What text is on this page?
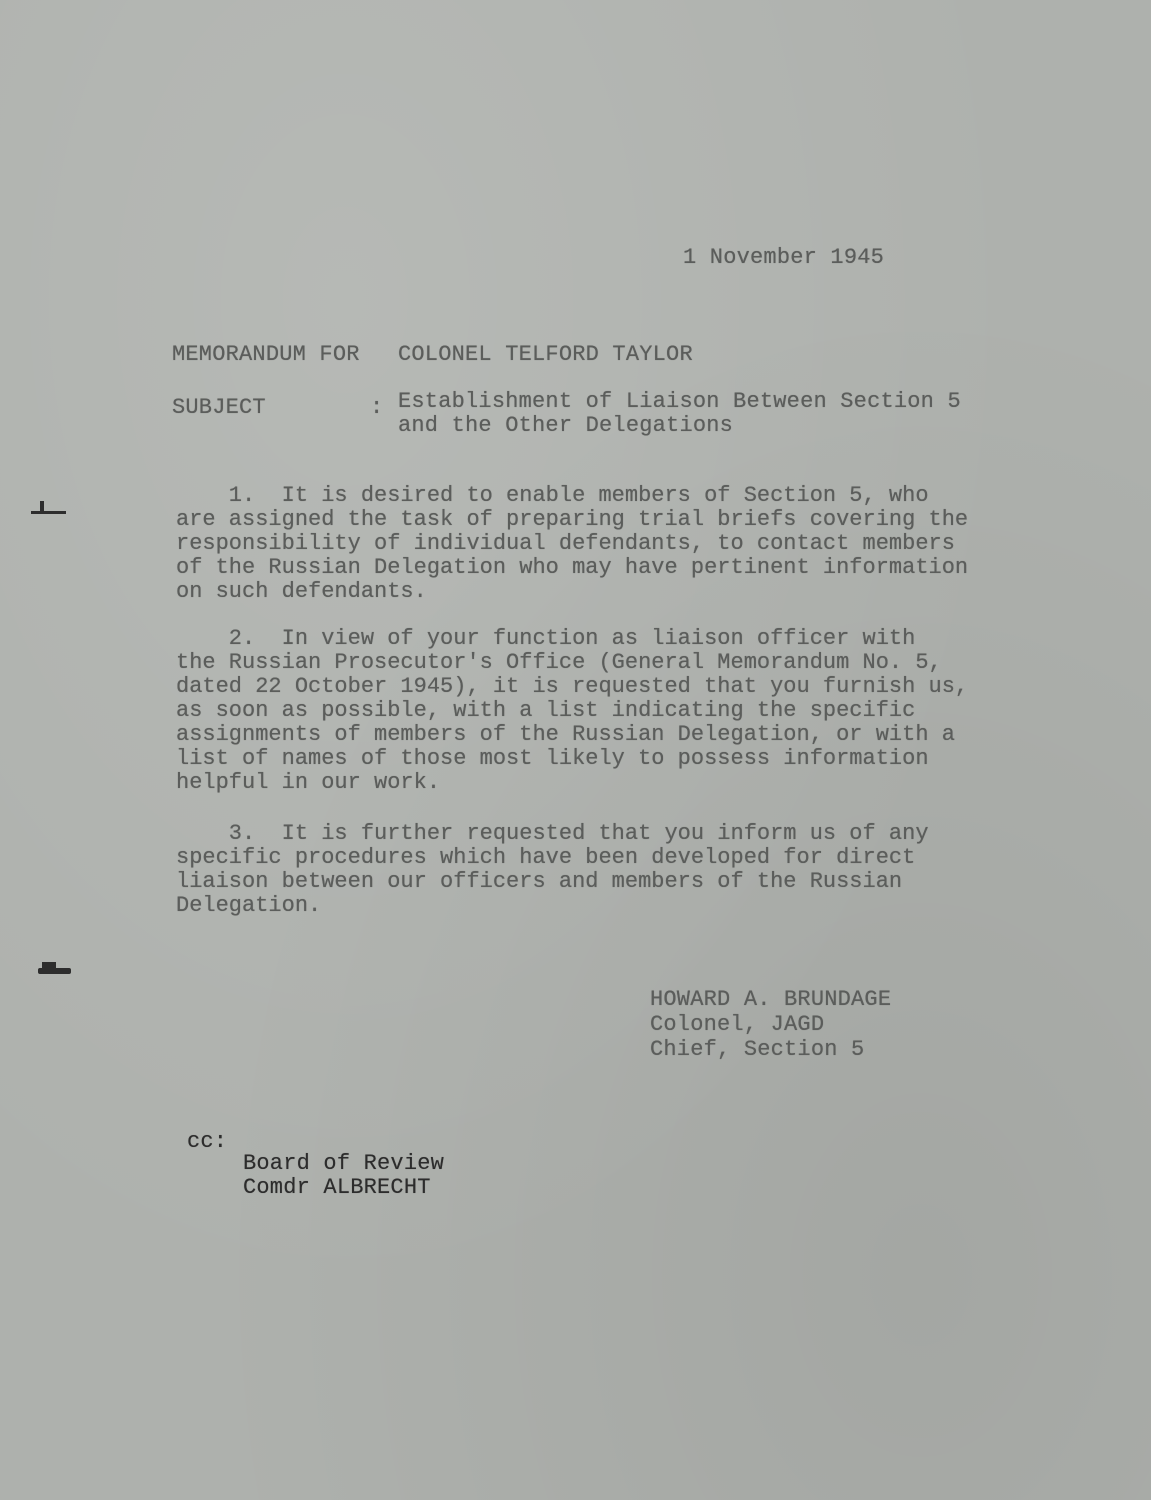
1 November 1945
MEMORANDUM FOR COLONEL TELFORD TAYLOR
SUBJECT	: Establishment of Liaison Between Section 5
and the Other Delegations
1.  It is desired to enable members of Section 5, who
are assigned the task of preparing trial briefs covering the
responsibility of individual defendants, to contact members
of the Russian Delegation who may have pertinent information
on such defendants.
2.  In view of your function as liaison officer with
the Russian Prosecutor's Office (General Memorandum No. 5,
dated 22 October 1945), it is requested that you furnish us,
as soon as possible, with a list indicating the specific
assignments of members of the Russian Delegation, or with a
list of names of those most likely to possess information
helpful in our work.
3.  It is further requested that you inform us of any
specific procedures which have been developed for direct
liaison between our officers and members of the Russian
Delegation.
HOWARD A. BRUNDAGE
Colonel, JAGD
Chief, Section 5
cc:
Board of Review
Comdr ALBRECHT
